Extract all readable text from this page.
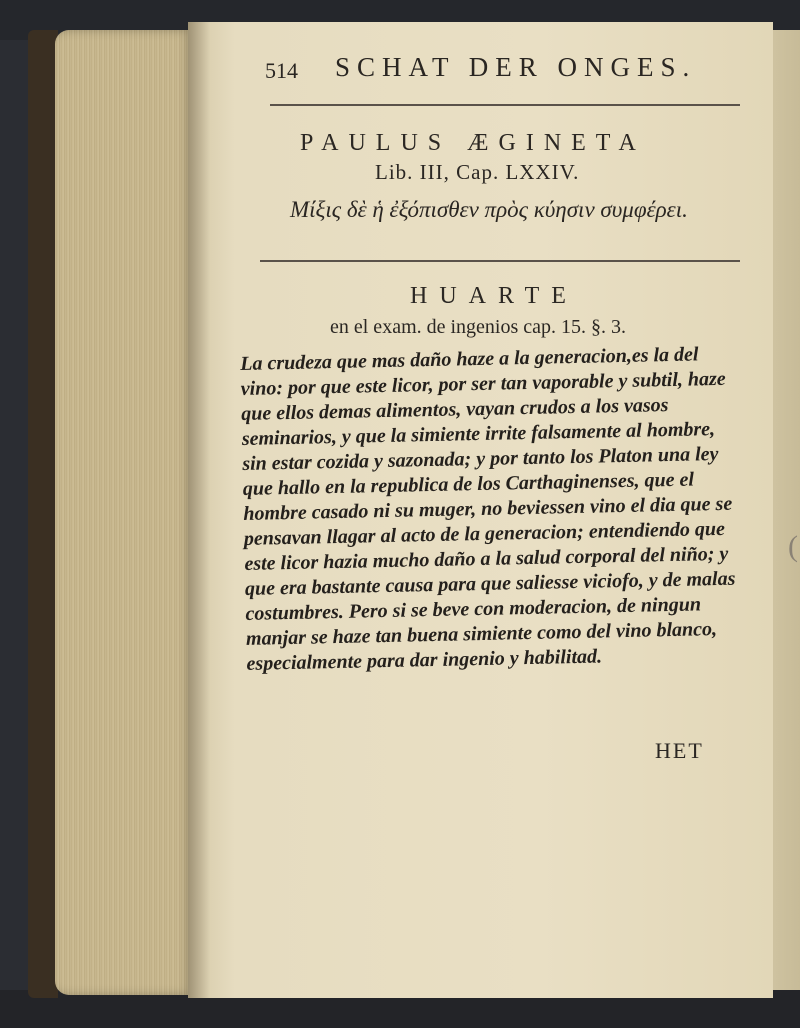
(
514 SCHAT DER ONGES.
PAULUS ÆGINETA
Lib. III, Cap. LXXIV.
Μίξις δὲ ἡ ἐξόπισθεν πρὸς κύησιν συμφέρει.
HUARTE
en el exam. de ingenios cap. 15. §. 3.

La crudeza que mas daño haze a la generacion,es la del vino: por que este licor, por ser tan vaporable y subtil, haze que ellos demas alimentos, vayan crudos a los vasos seminarios, y que la simiente irrite falsamente al hombre, sin estar cozida y sazonada; y por tanto los Platon una ley que hallo en la republica de los Carthaginenses, que el hombre casado ni su muger, no beviessen vino el dia que se pensavan llagar al acto de la generacion; entendiendo que este licor hazia mucho daño a la salud corporal del niño; y que era bastante causa para que saliesse viciofo, y de malas costumbres. Pero si se beve con moderacion, de ningun manjar se haze tan buena simiente como del vino blanco, especialmente para dar ingenio y habilitad.

HET
